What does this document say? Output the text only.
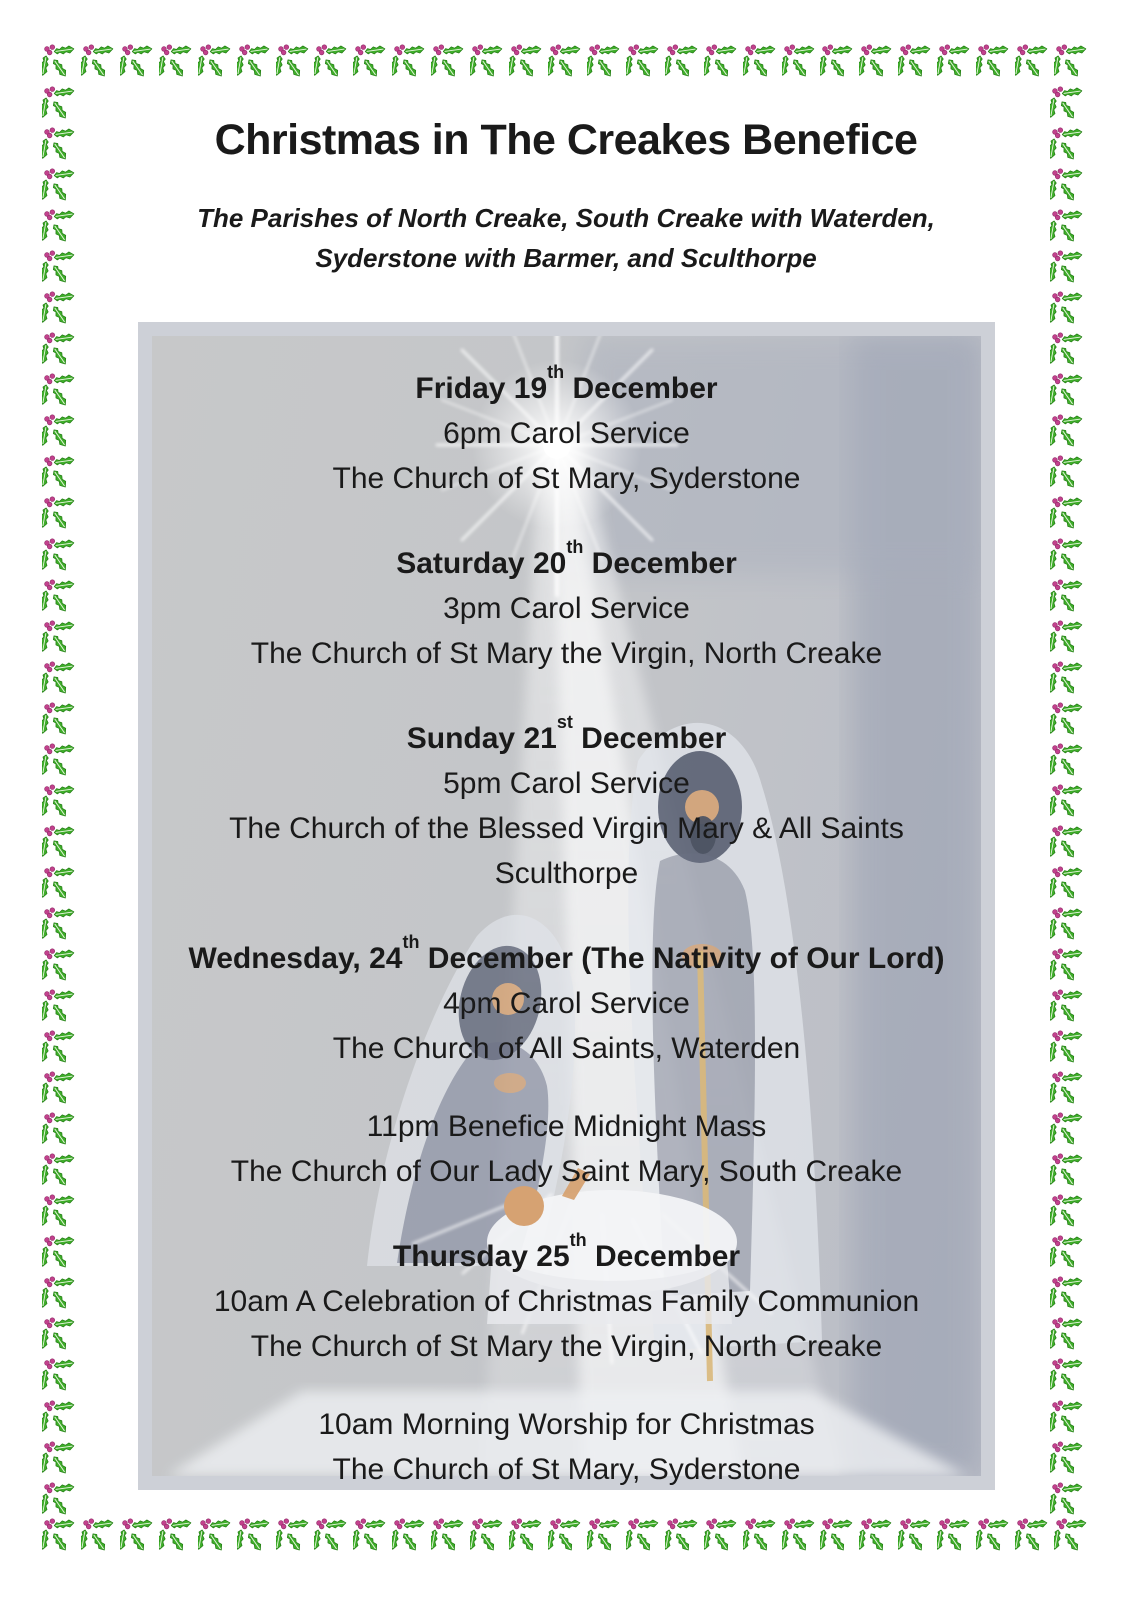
Christmas in The Creakes Benefice
The Parishes of North Creake, South Creake with Waterden,
Syderstone with Barmer, and Sculthorpe
Friday 19th December
6pm Carol Service
The Church of St Mary, Syderstone
Saturday 20th December
3pm Carol Service
The Church of St Mary the Virgin, North Creake
Sunday 21st December
5pm Carol Service
The Church of the Blessed Virgin Mary & All Saints
Sculthorpe
Wednesday, 24th December (The Nativity of Our Lord)
4pm Carol Service
The Church of All Saints, Waterden
11pm Benefice Midnight Mass
The Church of Our Lady Saint Mary, South Creake
Thursday 25th December
10am A Celebration of Christmas Family Communion
The Church of St Mary the Virgin, North Creake
10am Morning Worship for Christmas
The Church of St Mary, Syderstone
